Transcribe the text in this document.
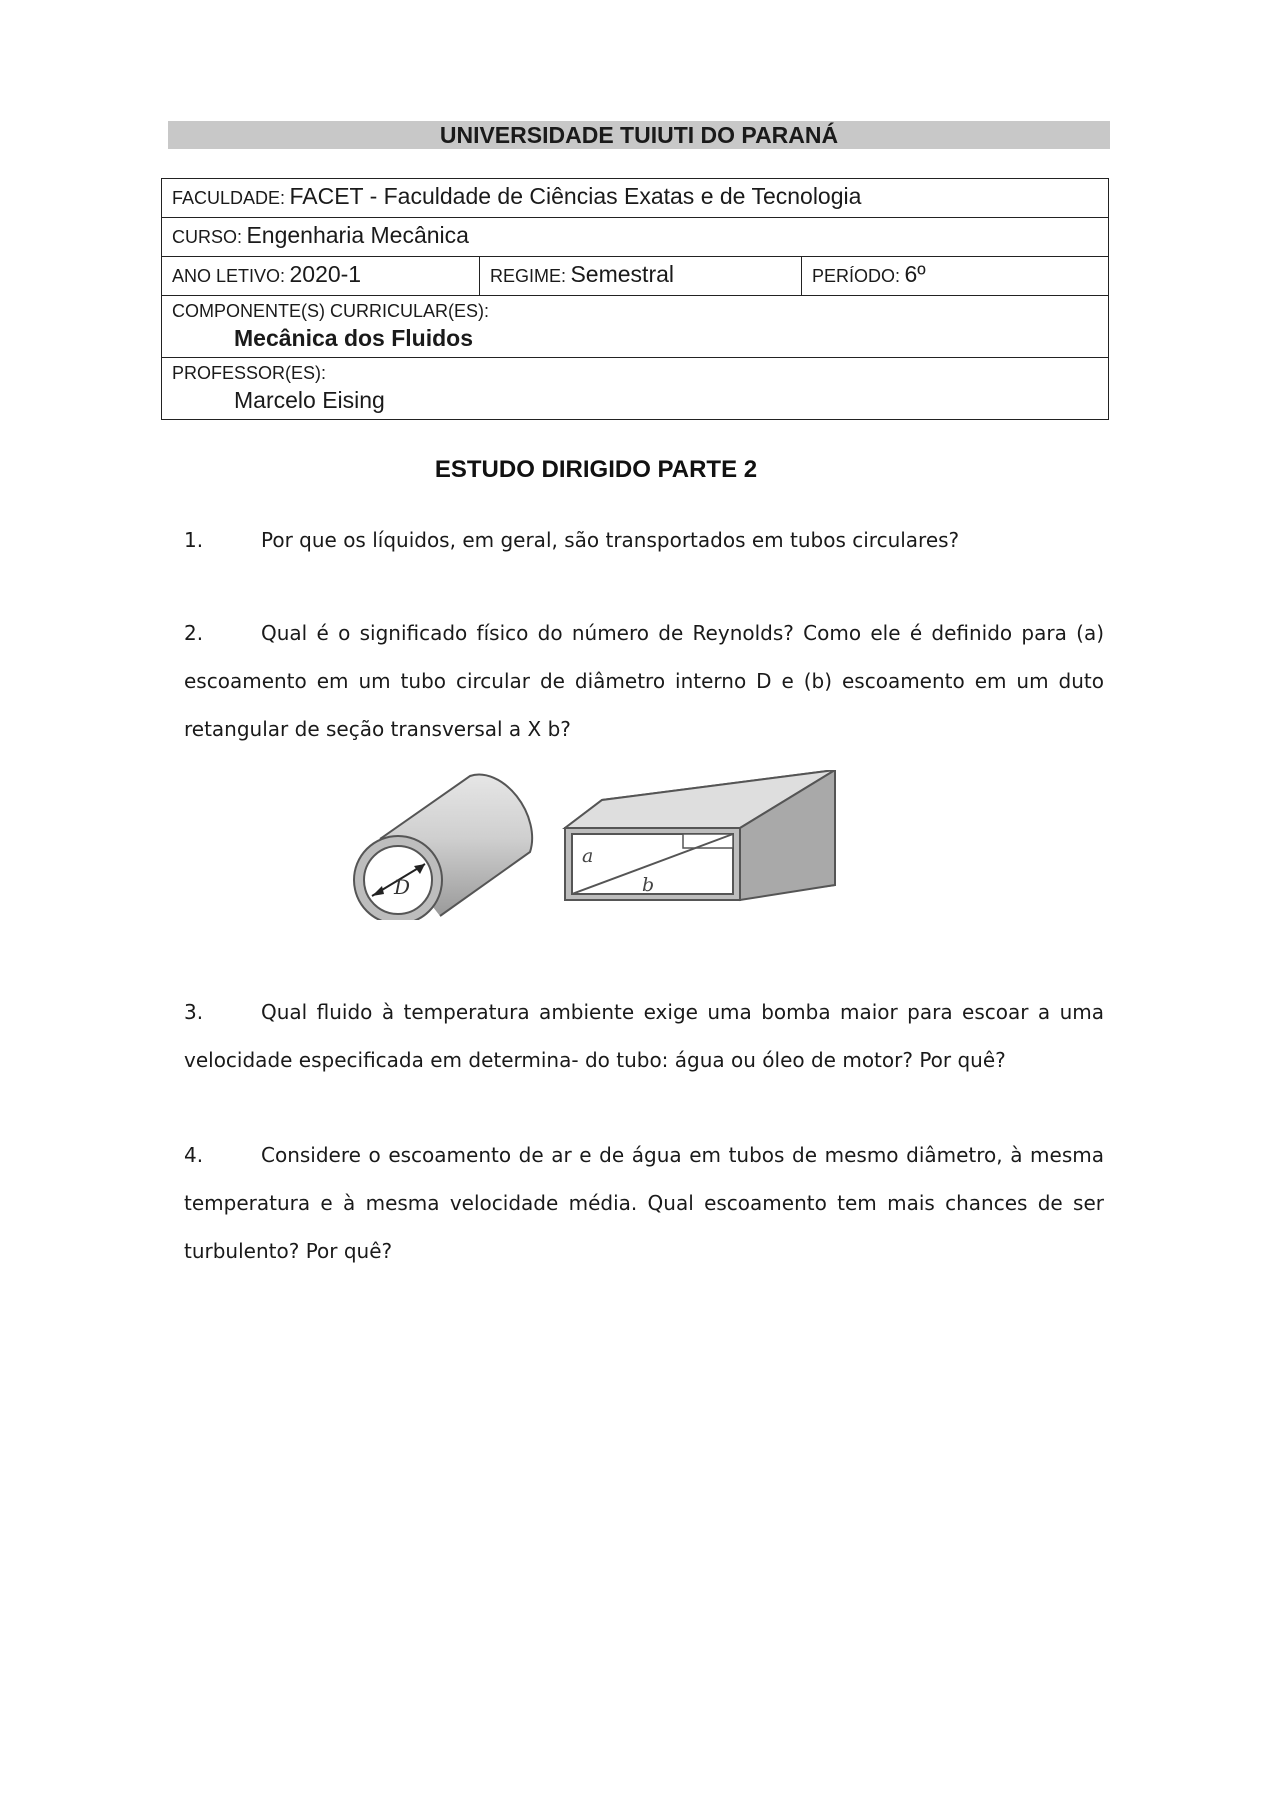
UNIVERSIDADE TUIUTI DO PARANÁ
FACULDADE: FACET - Faculdade de Ciências Exatas e de Tecnologia
CURSO: Engenharia Mecânica
ANO LETIVO: 2020-1	REGIME: Semestral	PERÍODO: 6º

COMPONENTE(S) CURRICULAR(ES):
Mecânica dos Fluidos

PROFESSOR(ES):
Marcelo Eising
ESTUDO DIRIGIDO PARTE 2
1.	Por que os líquidos, em geral, são transportados em tubos circulares?
2.	Qual é o significado físico do número de Reynolds? Como ele é definido para (a) escoamento em um tubo circular de diâmetro interno D e (b) escoamento em um duto retangular de seção transversal a X b?
D
a
b
3.	Qual fluido à temperatura ambiente exige uma bomba maior para escoar a uma velocidade especificada em determina- do tubo: água ou óleo de motor? Por quê?
4.	Considere o escoamento de ar e de água em tubos de mesmo diâmetro, à mesma temperatura e à mesma velocidade média. Qual escoamento tem mais chances de ser turbulento? Por quê?
